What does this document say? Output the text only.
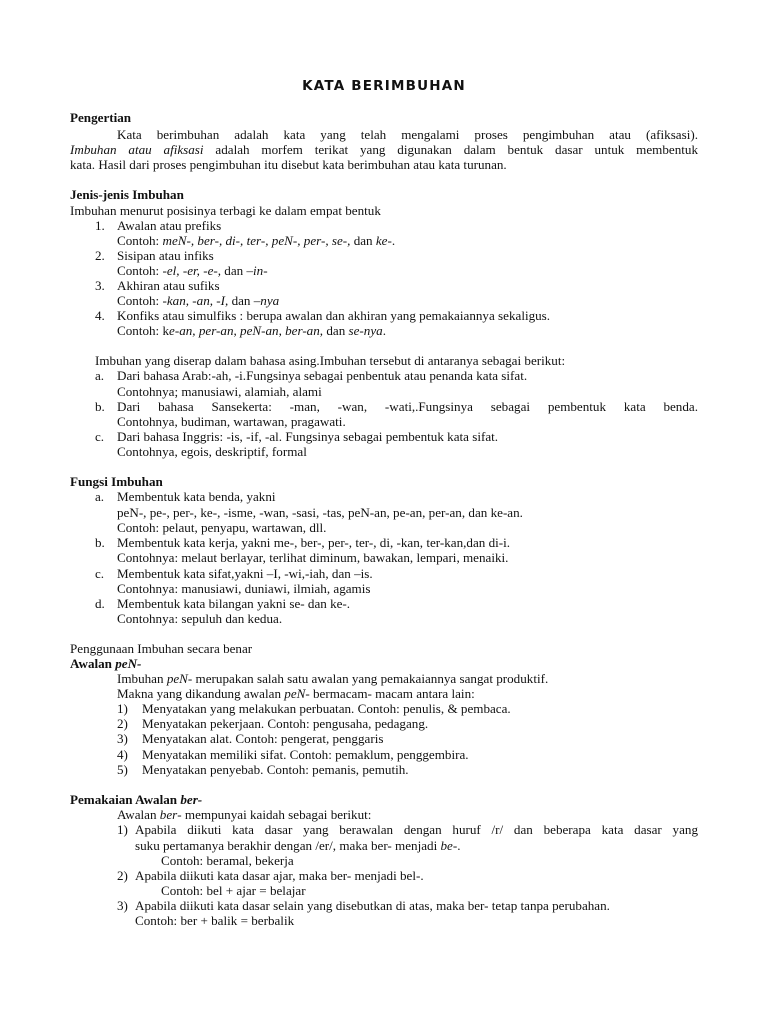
KATA BERIMBUHAN
Pengertian
Kata berimbuhan adalah kata yang telah mengalami proses pengimbuhan atau (afiksasi).
Imbuhan atau afiksasi adalah morfem terikat yang digunakan dalam bentuk dasar untuk membentuk
kata. Hasil dari proses pengimbuhan itu disebut kata berimbuhan atau kata turunan.
Jenis-jenis Imbuhan
Imbuhan menurut posisinya terbagi ke dalam empat bentuk
1. Awalan atau prefiks
Contoh: meN-, ber-, di-, ter-, peN-, per-, se-, dan ke-.
2. Sisipan atau infiks
Contoh: -el, -er, -e-, dan –in-
3. Akhiran atau sufiks
Contoh: -kan, -an, -I, dan –nya
4. Konfiks atau simulfiks : berupa awalan dan akhiran yang pemakaiannya sekaligus.
Contoh: ke-an, per-an, peN-an, ber-an, dan se-nya.
Imbuhan yang diserap dalam bahasa asing.Imbuhan tersebut di antaranya sebagai berikut:
a. Dari bahasa Arab:-ah, -i.Fungsinya sebagai penbentuk atau penanda kata sifat.
Contohnya; manusiawi, alamiah, alami
b. Dari bahasa Sansekerta: -man, -wan, -wati,.Fungsinya sebagai pembentuk kata benda.
Contohnya, budiman, wartawan, pragawati.
c. Dari bahasa Inggris: -is, -if, -al. Fungsinya sebagai pembentuk kata sifat.
Contohnya, egois, deskriptif, formal
Fungsi Imbuhan
a. Membentuk kata benda, yakni
peN-, pe-, per-, ke-, -isme, -wan, -sasi, -tas, peN-an, pe-an, per-an, dan ke-an.
Contoh: pelaut, penyapu, wartawan, dll.
b. Membentuk kata kerja, yakni me-, ber-, per-, ter-, di, -kan, ter-kan,dan di-i.
Contohnya: melaut berlayar, terlihat diminum, bawakan, lempari, menaiki.
c. Membentuk kata sifat,yakni –I, -wi,-iah, dan –is.
Contohnya: manusiawi, duniawi, ilmiah, agamis
d. Membentuk kata bilangan yakni se- dan ke-.
Contohnya: sepuluh dan kedua.
Penggunaan Imbuhan secara benar
Awalan peN-
Imbuhan peN- merupakan salah satu awalan yang pemakaiannya sangat produktif.
Makna yang dikandung awalan peN- bermacam- macam antara lain:
1) Menyatakan yang melakukan perbuatan. Contoh: penulis, & pembaca.
2) Menyatakan pekerjaan. Contoh: pengusaha, pedagang.
3) Menyatakan alat. Contoh: pengerat, penggaris
4) Menyatakan memiliki sifat. Contoh: pemaklum, penggembira.
5) Menyatakan penyebab. Contoh: pemanis, pemutih.
Pemakaian Awalan ber-
Awalan ber- mempunyai kaidah sebagai berikut:
1) Apabila diikuti kata dasar yang berawalan dengan huruf /r/ dan beberapa kata dasar yang
suku pertamanya berakhir dengan /er/, maka ber- menjadi be-.
Contoh: beramal, bekerja
2) Apabila diikuti kata dasar ajar, maka ber- menjadi bel-.
Contoh: bel + ajar = belajar
3) Apabila diikuti kata dasar selain yang disebutkan di atas, maka ber- tetap tanpa perubahan.
Contoh: ber + balik = berbalik
